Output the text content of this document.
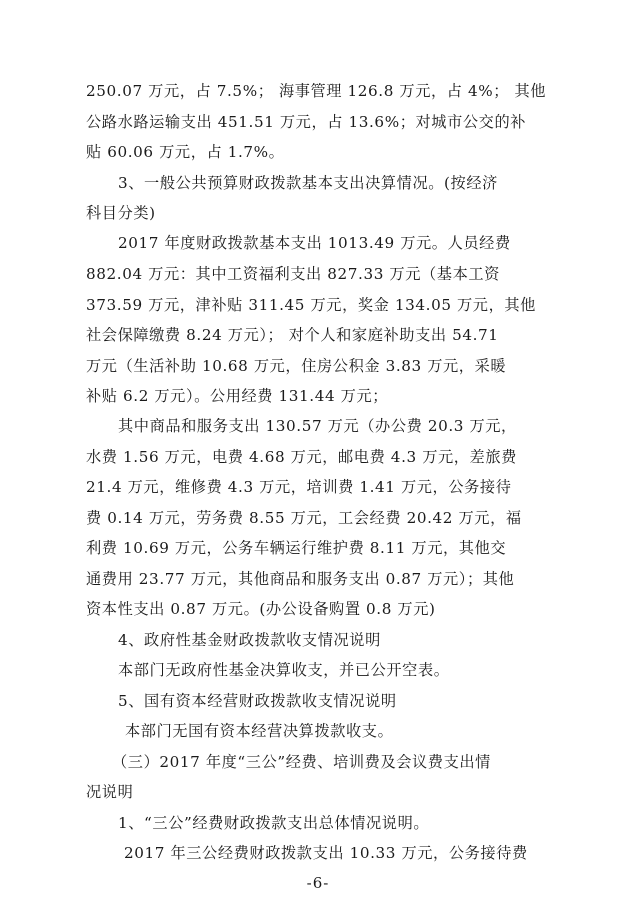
250.07 万元，占 7.5%； 海事管理 126.8 万元，占 4%； 其他
公路水路运输支出 451.51 万元，占 13.6%；对城市公交的补
贴 60.06 万元，占 1.7%。
3、一般公共预算财政拨款基本支出决算情况。(按经济
科目分类)
2017 年度财政拨款基本支出 1013.49 万元。人员经费
882.04 万元：其中工资福利支出 827.33 万元（基本工资
373.59 万元，津补贴 311.45 万元，奖金 134.05 万元，其他
社会保障缴费 8.24 万元）； 对个人和家庭补助支出 54.71
万元（生活补助 10.68 万元，住房公积金 3.83 万元，采暖
补贴 6.2 万元）。公用经费 131.44 万元；
其中商品和服务支出 130.57 万元（办公费 20.3 万元，
水费 1.56 万元，电费 4.68 万元，邮电费 4.3 万元，差旅费
21.4 万元，维修费 4.3 万元，培训费 1.41 万元，公务接待
费 0.14 万元，劳务费 8.55 万元，工会经费 20.42 万元，福
利费 10.69 万元，公务车辆运行维护费 8.11 万元，其他交
通费用 23.77 万元，其他商品和服务支出 0.87 万元）；其他
资本性支出 0.87 万元。(办公设备购置 0.8 万元)
4、政府性基金财政拨款收支情况说明
本部门无政府性基金决算收支，并已公开空表。
5、国有资本经营财政拨款收支情况说明
本部门无国有资本经营决算拨款收支。
（三）2017 年度“三公”经费、培训费及会议费支出情
况说明
1、“三公”经费财政拨款支出总体情况说明。
2017 年三公经费财政拨款支出 10.33 万元，公务接待费
-6-
